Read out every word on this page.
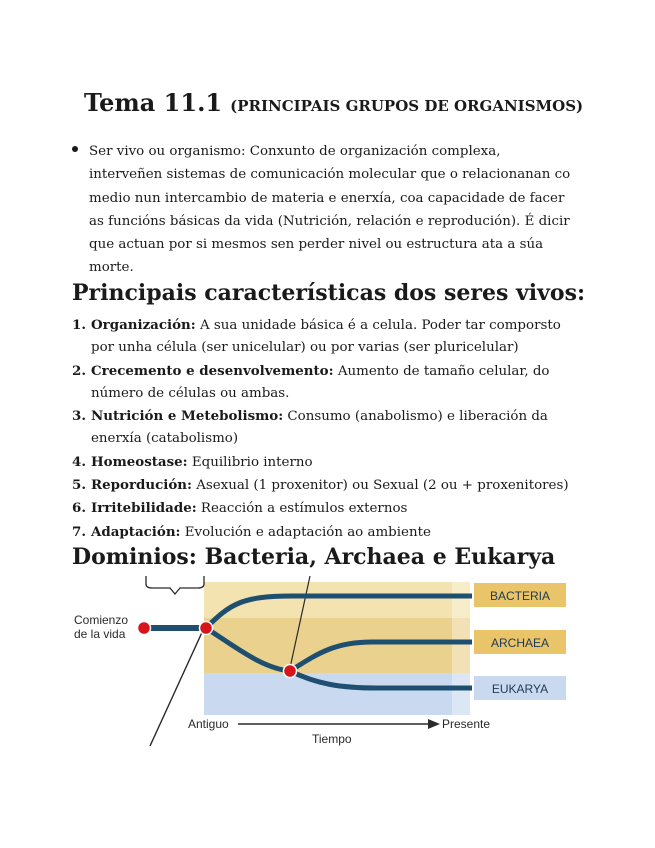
Tema 11.1 (PRINCIPAIS GRUPOS DE ORGANISMOS)

Ser vivo ou organismo: Conxunto de organización complexa, interveñen sistemas de comunicación molecular que o relacionanan co medio nun intercambio de materia e enerxía, coa capacidade de facer as funcións básicas da vida (Nutrición, relación e reprodución). É dicir que actuan por si mesmos sen perder nivel ou estructura ata a súa morte.

Principais características dos seres vivos:
1. Organización: A sua unidade básica é a celula. Poder tar comporsto por unha célula (ser unicelular) ou por varias (ser pluricelular)
2. Crecemento e desenvolvemento: Aumento de tamaño celular, do número de células ou ambas.
3. Nutrición e Metebolismo: Consumo (anabolismo) e liberación da enerxía (catabolismo)
4. Homeostase: Equilibrio interno
5. Repordución: Asexual (1 proxenitor) ou Sexual (2 ou + proxenitores)
6. Irritebilidade: Reacción a estímulos externos
7. Adaptación: Evolución e adaptación ao ambiente
Dominios: Bacteria, Archaea e Eukarya
BACTERIA
ARCHAEA
EUKARYA
Comienzo
de la vida
Antiguo	Presente
Tiempo
